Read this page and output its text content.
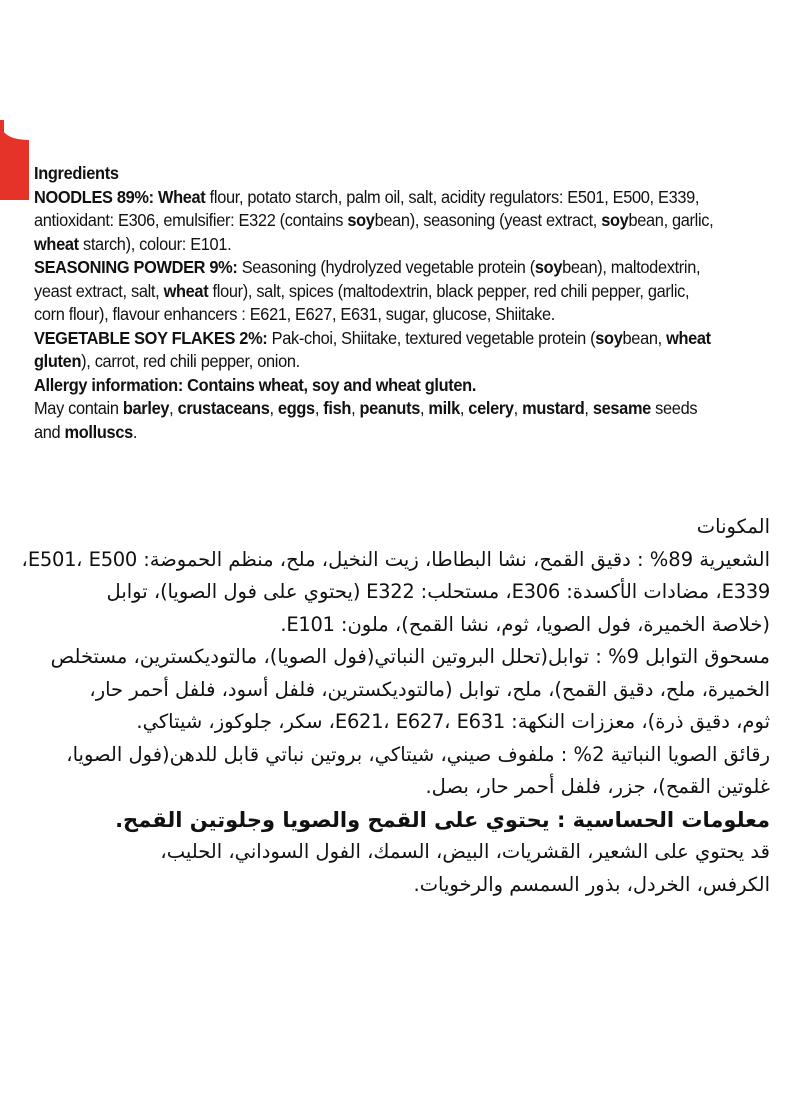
Ingredients
NOODLES 89%: Wheat flour, potato starch, palm oil, salt, acidity regulators: E501, E500, E339,
antioxidant: E306, emulsifier: E322 (contains soybean), seasoning (yeast extract, soybean, garlic,
wheat starch), colour: E101.
SEASONING POWDER 9%: Seasoning (hydrolyzed vegetable protein (soybean), maltodextrin,
yeast extract, salt, wheat flour), salt, spices (maltodextrin, black pepper, red chili pepper, garlic,
corn flour), flavour enhancers : E621, E627, E631, sugar, glucose, Shiitake.
VEGETABLE SOY FLAKES 2%: Pak-choi, Shiitake, textured vegetable protein (soybean, wheat
gluten), carrot, red chili pepper, onion.
Allergy information: Contains wheat, soy and wheat gluten.
May contain barley, crustaceans, eggs, fish, peanuts, milk, celery, mustard, sesame seeds
and molluscs.
المكونات
الشعيرية 89% : دقيق القمح، نشا البطاطا، زيت النخيل، ملح، منظم الحموضة: E501، E500،
E339، مضادات الأكسدة: E306، مستحلب: E322 (يحتوي على فول الصويا)، توابل
(خلاصة الخميرة، فول الصويا، ثوم، نشا القمح)، ملون: E101.
مسحوق التوابل 9% : توابل(تحلل البروتين النباتي(فول الصويا)، مالتوديكسترين، مستخلص
الخميرة، ملح، دقيق القمح)، ملح، توابل (مالتوديكسترين، فلفل أسود، فلفل أحمر حار،
ثوم، دقيق ذرة)، معززات النكهة: E621، E627، E631، سكر، جلوكوز، شيتاكي.
رقائق الصويا النباتية 2% : ملفوف صيني، شيتاكي، بروتين نباتي قابل للدهن(فول الصويا،
غلوتين القمح)، جزر، فلفل أحمر حار، بصل.
معلومات الحساسية : يحتوي على القمح والصويا وجلوتين القمح.
قد يحتوي على الشعير، القشريات، البيض، السمك، الفول السوداني، الحليب،
الكرفس، الخردل، بذور السمسم والرخويات.
